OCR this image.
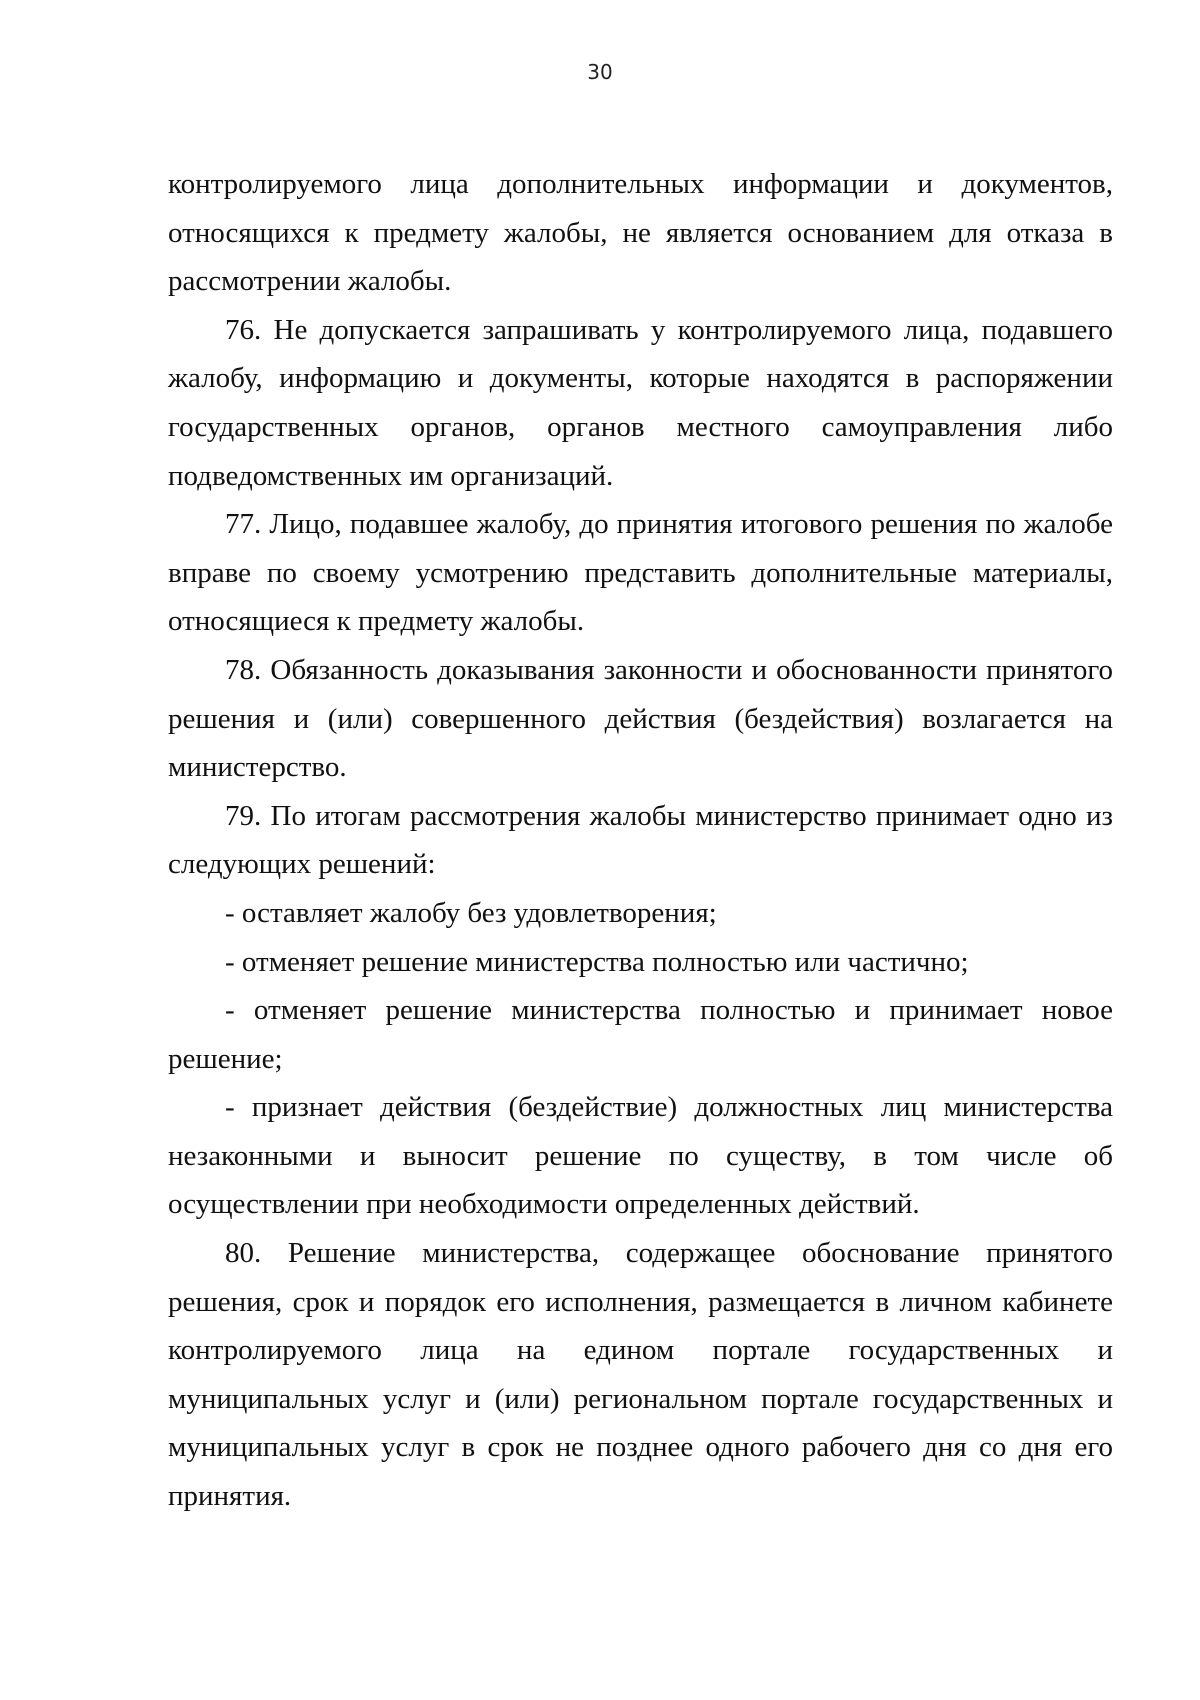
30

контролируемого лица дополнительных информации и документов, относящихся к предмету жалобы, не является основанием для отказа в рассмотрении жалобы.

76. Не допускается запрашивать у контролируемого лица, подавшего жалобу, информацию и документы, которые находятся в распоряжении государственных органов, органов местного самоуправления либо подведомственных им организаций.

77. Лицо, подавшее жалобу, до принятия итогового решения по жалобе вправе по своему усмотрению представить дополнительные материалы, относящиеся к предмету жалобы.

78. Обязанность доказывания законности и обоснованности принятого решения и (или) совершенного действия (бездействия) возлагается на министерство.

79. По итогам рассмотрения жалобы министерство принимает одно из следующих решений:

- оставляет жалобу без удовлетворения;

- отменяет решение министерства полностью или частично;

- отменяет решение министерства полностью и принимает новое решение;

- признает действия (бездействие) должностных лиц министерства незаконными и выносит решение по существу, в том числе об осуществлении при необходимости определенных действий.

80. Решение министерства, содержащее обоснование принятого решения, срок и порядок его исполнения, размещается в личном кабинете контролируемого лица на едином портале государственных и муниципальных услуг и (или) региональном портале государственных и муниципальных услуг в срок не позднее одного рабочего дня со дня его принятия.
